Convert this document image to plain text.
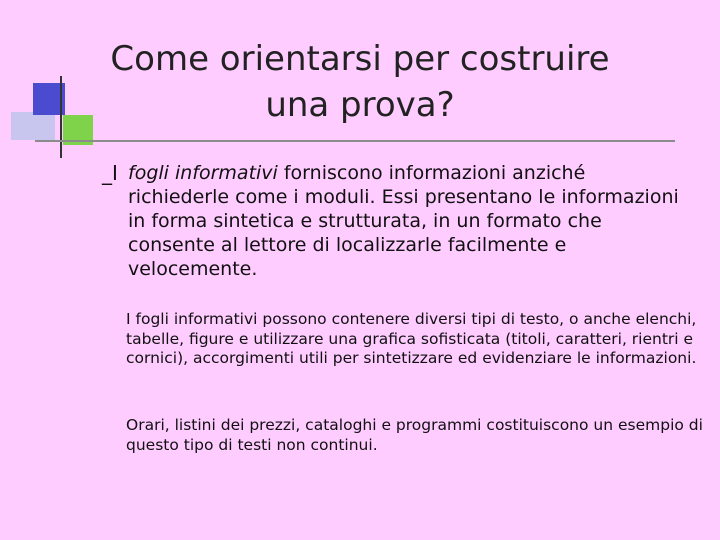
Come orientarsi per costruire
una prova?
_I fogli informativi forniscono informazioni anziché richiederle come i moduli. Essi presentano le informazioni in forma sintetica e strutturata, in un formato che consente al lettore di localizzarle facilmente e velocemente.
I fogli informativi possono contenere diversi tipi di testo, o anche elenchi, tabelle, figure e utilizzare una grafica sofisticata (titoli, caratteri, rientri e cornici), accorgimenti utili per sintetizzare ed evidenziare le informazioni.
Orari, listini dei prezzi, cataloghi e programmi costituiscono un esempio di questo tipo di testi non continui.
